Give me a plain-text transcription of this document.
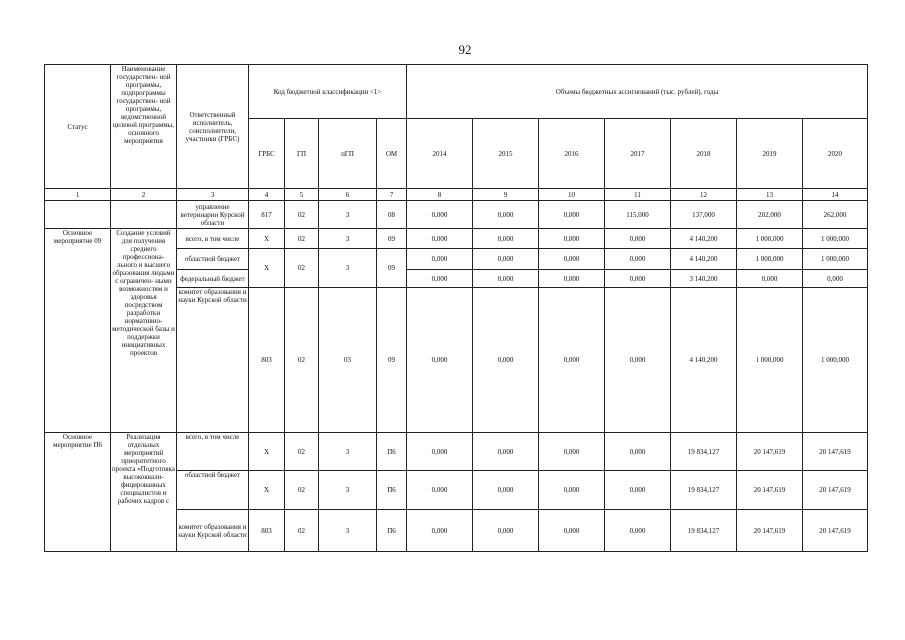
92
Статус	Наименование государствен- ной программы, подпрограммы государствен- ной программы, ведомственной целевой программы, основного мероприятия	Ответственный исполнитель, соисполнители, участники (ГРБС)	Код бюджетной классификации <1>				Объемы бюджетных ассигнований (тыс. рублей), годы						
			ГРБС	ГП	пГП	ОМ	2014	2015	2016	2017	2018	2019	2020
1	2	3	4	5	6	7	8	9	10	11	12	13	14
		управление ветеринарии Курской области	817	02	3	08	0,000	0,000	0,000	115,000	137,000	202,000	262,000
Основное мероприятие 09	Создание условий для получения среднего профессиона- льного и высшего образования людьми с ограничен- ными возможностям и здоровья посредством разработки нормативно- методической базы и поддержки инициативных проектов	всего, в том числе	Х	02	3	09	0,000	0,000	0,000	0,000	4 140,200	1 000,000	1 000,000
		областной бюджет	Х	02	3	09	0,000	0,000	0,000	0,000	4 140,200	1 000,000	1 000,000
		федеральный бюджет					0,000	0,000	0,000	0,000	3 140,200	0,000	0,000
		комитет образования и науки Курской области	803	02	03	09	0,000	0,000	0,000	0,000	4 140,200	1 000,000	1 000,000
Основное мероприятие П6	Реализация отдельных мероприятий приоритетного проекта «Подготовка высококвали- фицированных специалистов и рабочих кадров с	всего, в том числе	Х	02	3	П6	0,000	0,000	0,000	0,000	19 834,127	20 147,619	20 147,619
		областной бюджет	Х	02	3	П6	0,000	0,000	0,000	0,000	19 834,127	20 147,619	20 147,619
		комитет образования и науки Курской области	803	02	3	П6	0,000	0,000	0,000	0,000	19 834,127	20 147,619	20 147,619
